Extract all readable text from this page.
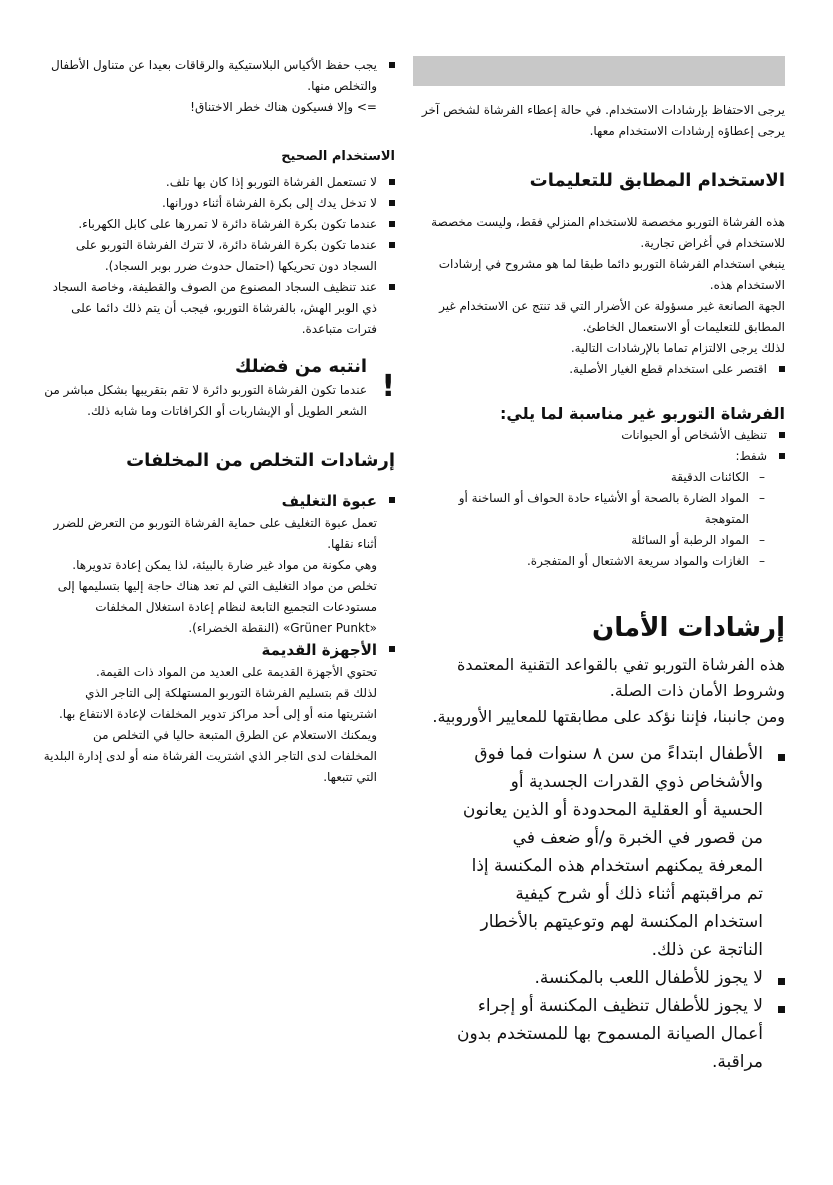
يجب حفظ الأكياس البلاستيكية والرقاقات بعيدا عن متناول الأطفال
والتخلص منها.
=> وإلا فسيكون هناك خطر الاختناق!

الاستخدام الصحيح

لا تستعمل الفرشاة التوربو إذا كان بها تلف.
لا تدخل يدك إلى بكرة الفرشاة أثناء دورانها.
عندما تكون بكرة الفرشاة دائرة لا تمررها على كابل الكهرباء.
عندما تكون بكرة الفرشاة دائرة، لا تترك الفرشاة التوربو على السجاد دون تحريكها (احتمال حدوث ضرر بوبر السجاد).
عند تنظيف السجاد المصنوع من الصوف والقطيفة، وخاصة السجاد ذي الوبر الهش، بالفرشاة التوربو، فيجب أن يتم ذلك دائما على فترات متباعدة.
!

انتبه من فضلك

عندما تكون الفرشاة التوربو دائرة لا تقم بتقريبها بشكل مباشر من الشعر الطويل أو الإيشاربات أو الكرافاتات وما شابه ذلك.

إرشادات التخلص من المخلفات

عبوة التغليف

تعمل عبوة التغليف على حماية الفرشاة التوربو من التعرض للضرر أثناء نقلها.

وهي مكونة من مواد غير ضارة بالبيئة، لذا يمكن إعادة تدويرها.

تخلص من مواد التغليف التي لم تعد هناك حاجة إليها بتسليمها إلى مستودعات التجميع التابعة لنظام إعادة استغلال المخلفات «Grüner Punkt» (النقطة الخضراء).

الأجهزة القديمة

تحتوي الأجهزة القديمة على العديد من المواد ذات القيمة.

لذلك قم بتسليم الفرشاة التوربو المستهلكة إلى التاجر الذي اشتريتها منه أو إلى أحد مراكز تدوير المخلفات لإعادة الانتفاع بها. ويمكنك الاستعلام عن الطرق المتبعة حاليا في التخلص من المخلفات لدى التاجر الذي اشتريت الفرشاة منه أو لدى إدارة البلدية التي تتبعها.

يرجى الاحتفاظ بإرشادات الاستخدام. في حالة إعطاء الفرشاة لشخص آخر يرجى إعطاؤه إرشادات الاستخدام معها.

الاستخدام المطابق للتعليمات

هذه الفرشاة التوربو مخصصة للاستخدام المنزلي فقط، وليست مخصصة للاستخدام في أغراض تجارية.

ينبغي استخدام الفرشاة التوربو دائما طبقا لما هو مشروح في إرشادات الاستخدام هذه.

الجهة الصانعة غير مسؤولة عن الأضرار التي قد تنتج عن الاستخدام غير المطابق للتعليمات أو الاستعمال الخاطئ.

لذلك يرجى الالتزام تماما بالإرشادات التالية.

اقتصر على استخدام قطع الغيار الأصلية.

الفرشاة التوربو غير مناسبة لما يلي:

تنظيف الأشخاص أو الحيوانات
شفط:
–
الكائنات الدقيقة
–
المواد الضارة بالصحة أو الأشياء حادة الحواف أو الساخنة أو المتوهجة
–
المواد الرطبة أو السائلة
–
الغازات والمواد سريعة الاشتعال أو المتفجرة.

إرشادات الأمان

هذه الفرشاة التوربو تفي بالقواعد التقنية المعتمدة وشروط الأمان ذات الصلة.

ومن جانبنا، فإننا نؤكد على مطابقتها للمعايير الأوروبية.

الأطفال ابتداءً من سن ٨ سنوات فما فوق والأشخاص ذوي القدرات الجسدية أو الحسية أو العقلية المحدودة أو الذين يعانون من قصور في الخبرة و/أو ضعف في المعرفة يمكنهم استخدام هذه المكنسة إذا تم مراقبتهم أثناء ذلك أو شرح كيفية استخدام المكنسة لهم وتوعيتهم بالأخطار الناتجة عن ذلك.
لا يجوز للأطفال اللعب بالمكنسة.
لا يجوز للأطفال تنظيف المكنسة أو إجراء أعمال الصيانة المسموح بها للمستخدم بدون مراقبة.
